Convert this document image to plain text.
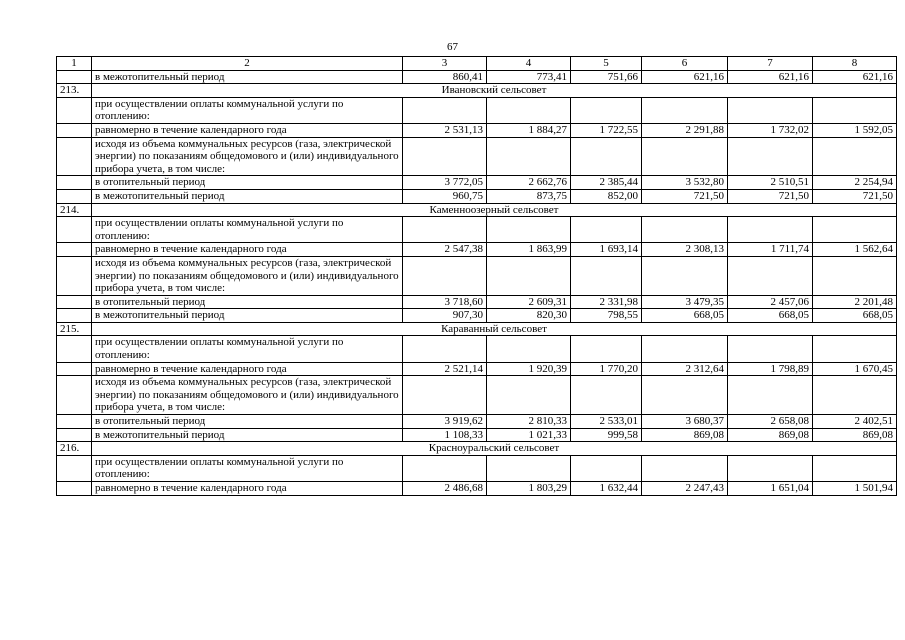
67
1	2	3	4	5	6	7	8
	в межотопительный период	860,41	773,41	751,66	621,16	621,16	621,16
213.	Ивановский сельсовет						
	при осуществлении оплаты коммунальной услуги по отоплению:						
	равномерно в течение календарного года	2 531,13	1 884,27	1 722,55	2 291,88	1 732,02	1 592,05
	исходя из объема коммунальных ресурсов (газа, электрической энергии) по показаниям общедомового и (или) индивидуального прибора учета, в том числе:						
	в отопительный период	3 772,05	2 662,76	2 385,44	3 532,80	2 510,51	2 254,94
	в межотопительный период	960,75	873,75	852,00	721,50	721,50	721,50
214.	Каменноозерный сельсовет						
	при осуществлении оплаты коммунальной услуги по отоплению:						
	равномерно в течение календарного года	2 547,38	1 863,99	1 693,14	2 308,13	1 711,74	1 562,64
	исходя из объема коммунальных ресурсов (газа, электрической энергии) по показаниям общедомового и (или) индивидуального прибора учета, в том числе:						
	в отопительный период	3 718,60	2 609,31	2 331,98	3 479,35	2 457,06	2 201,48
	в межотопительный период	907,30	820,30	798,55	668,05	668,05	668,05
215.	Караванный сельсовет						
	при осуществлении оплаты коммунальной услуги по отоплению:						
	равномерно в течение календарного года	2 521,14	1 920,39	1 770,20	2 312,64	1 798,89	1 670,45
	исходя из объема коммунальных ресурсов (газа, электрической энергии) по показаниям общедомового и (или) индивидуального прибора учета, в том числе:						
	в отопительный период	3 919,62	2 810,33	2 533,01	3 680,37	2 658,08	2 402,51
	в межотопительный период	1 108,33	1 021,33	999,58	869,08	869,08	869,08
216.	Красноуральский сельсовет						
	при осуществлении оплаты коммунальной услуги по отоплению:						
	равномерно в течение календарного года	2 486,68	1 803,29	1 632,44	2 247,43	1 651,04	1 501,94
